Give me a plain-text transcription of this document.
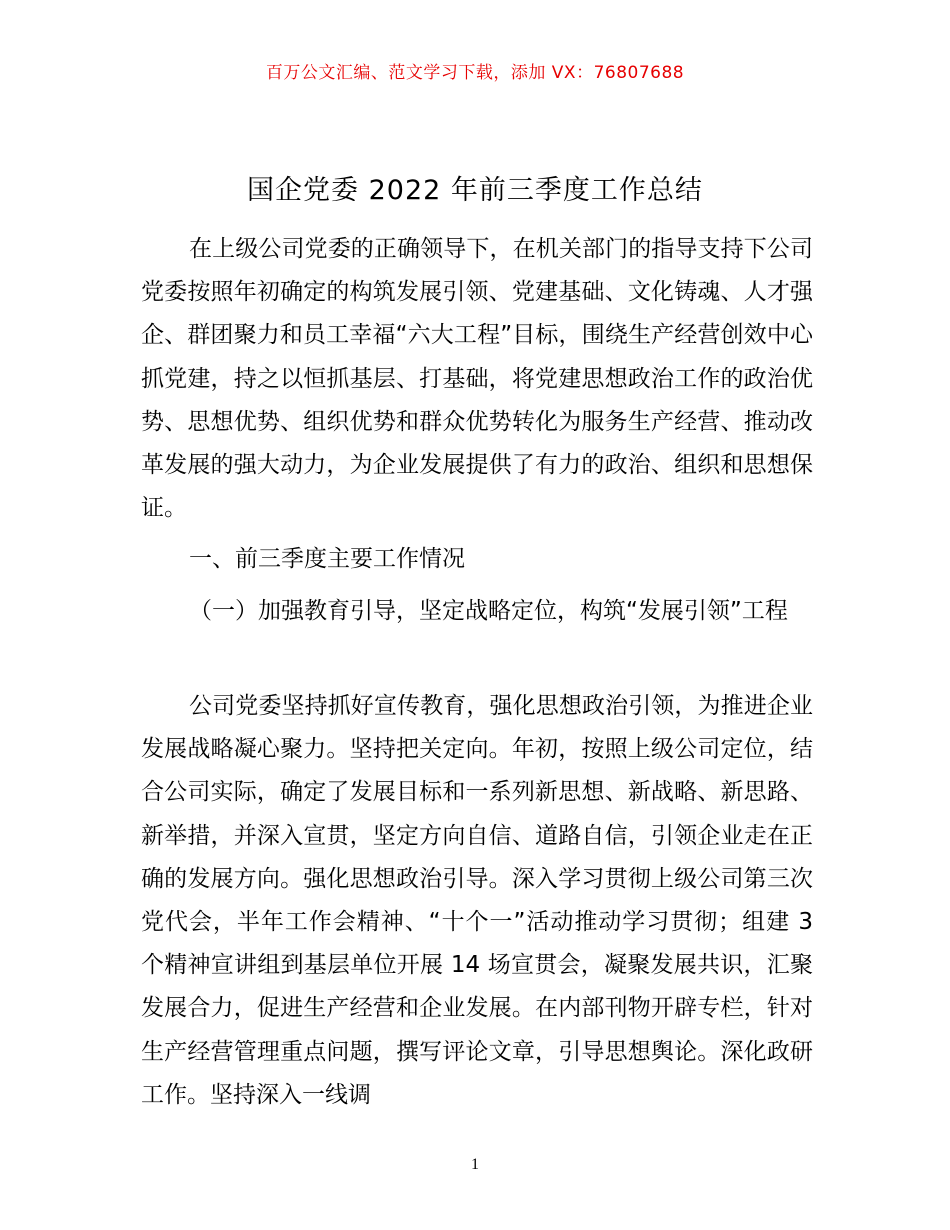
百万公文汇编、范文学习下载，添加 VX：76807688
国企党委 2022 年前三季度工作总结

在上级公司党委的正确领导下，在机关部门的指导支持下公司党委按照年初确定的构筑发展引领、党建基础、文化铸魂、人才强企、群团聚力和员工幸福“六大工程”目标，围绕生产经营创效中心抓党建，持之以恒抓基层、打基础，将党建思想政治工作的政治优势、思想优势、组织优势和群众优势转化为服务生产经营、推动改革发展的强大动力，为企业发展提供了有力的政治、组织和思想保证。

一、前三季度主要工作情况

（一）加强教育引导，坚定战略定位，构筑“发展引领”工程

公司党委坚持抓好宣传教育，强化思想政治引领，为推进企业发展战略凝心聚力。坚持把关定向。年初，按照上级公司定位，结合公司实际，确定了发展目标和一系列新思想、新战略、新思路、新举措，并深入宣贯，坚定方向自信、道路自信，引领企业走在正确的发展方向。强化思想政治引导。深入学习贯彻上级公司第三次党代会，半年工作会精神、“十个一”活动推动学习贯彻；组建 3 个精神宣讲组到基层单位开展 14 场宣贯会，凝聚发展共识，汇聚发展合力，促进生产经营和企业发展。在内部刊物开辟专栏，针对生产经营管理重点问题，撰写评论文章，引导思想舆论。深化政研工作。坚持深入一线调

1
